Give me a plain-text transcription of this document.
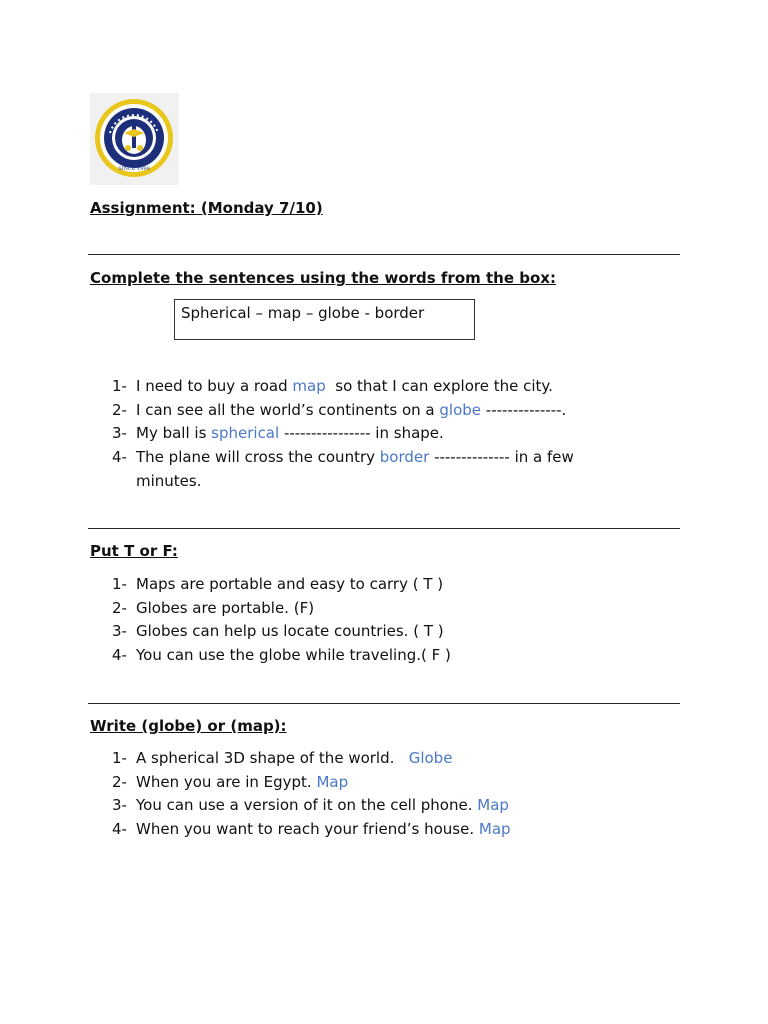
SINCE 1998
Assignment: (Monday 7/10)
Complete the sentences using the words from the box:
Spherical – map – globe - border
1- I need to buy a road map  so that I can explore the city.
2- I can see all the world’s continents on a globe --------------.
3- My ball is spherical ---------------- in shape.
4- The plane will cross the country border -------------- in a few
minutes.
Put T or F:
1- Maps are portable and easy to carry ( T )
2- Globes are portable. (F)
3- Globes can help us locate countries. ( T )
4- You can use the globe while traveling.( F )
Write (globe) or (map):
1- A spherical 3D shape of the world.   Globe
2- When you are in Egypt. Map
3- You can use a version of it on the cell phone. Map
4- When you want to reach your friend’s house. Map
